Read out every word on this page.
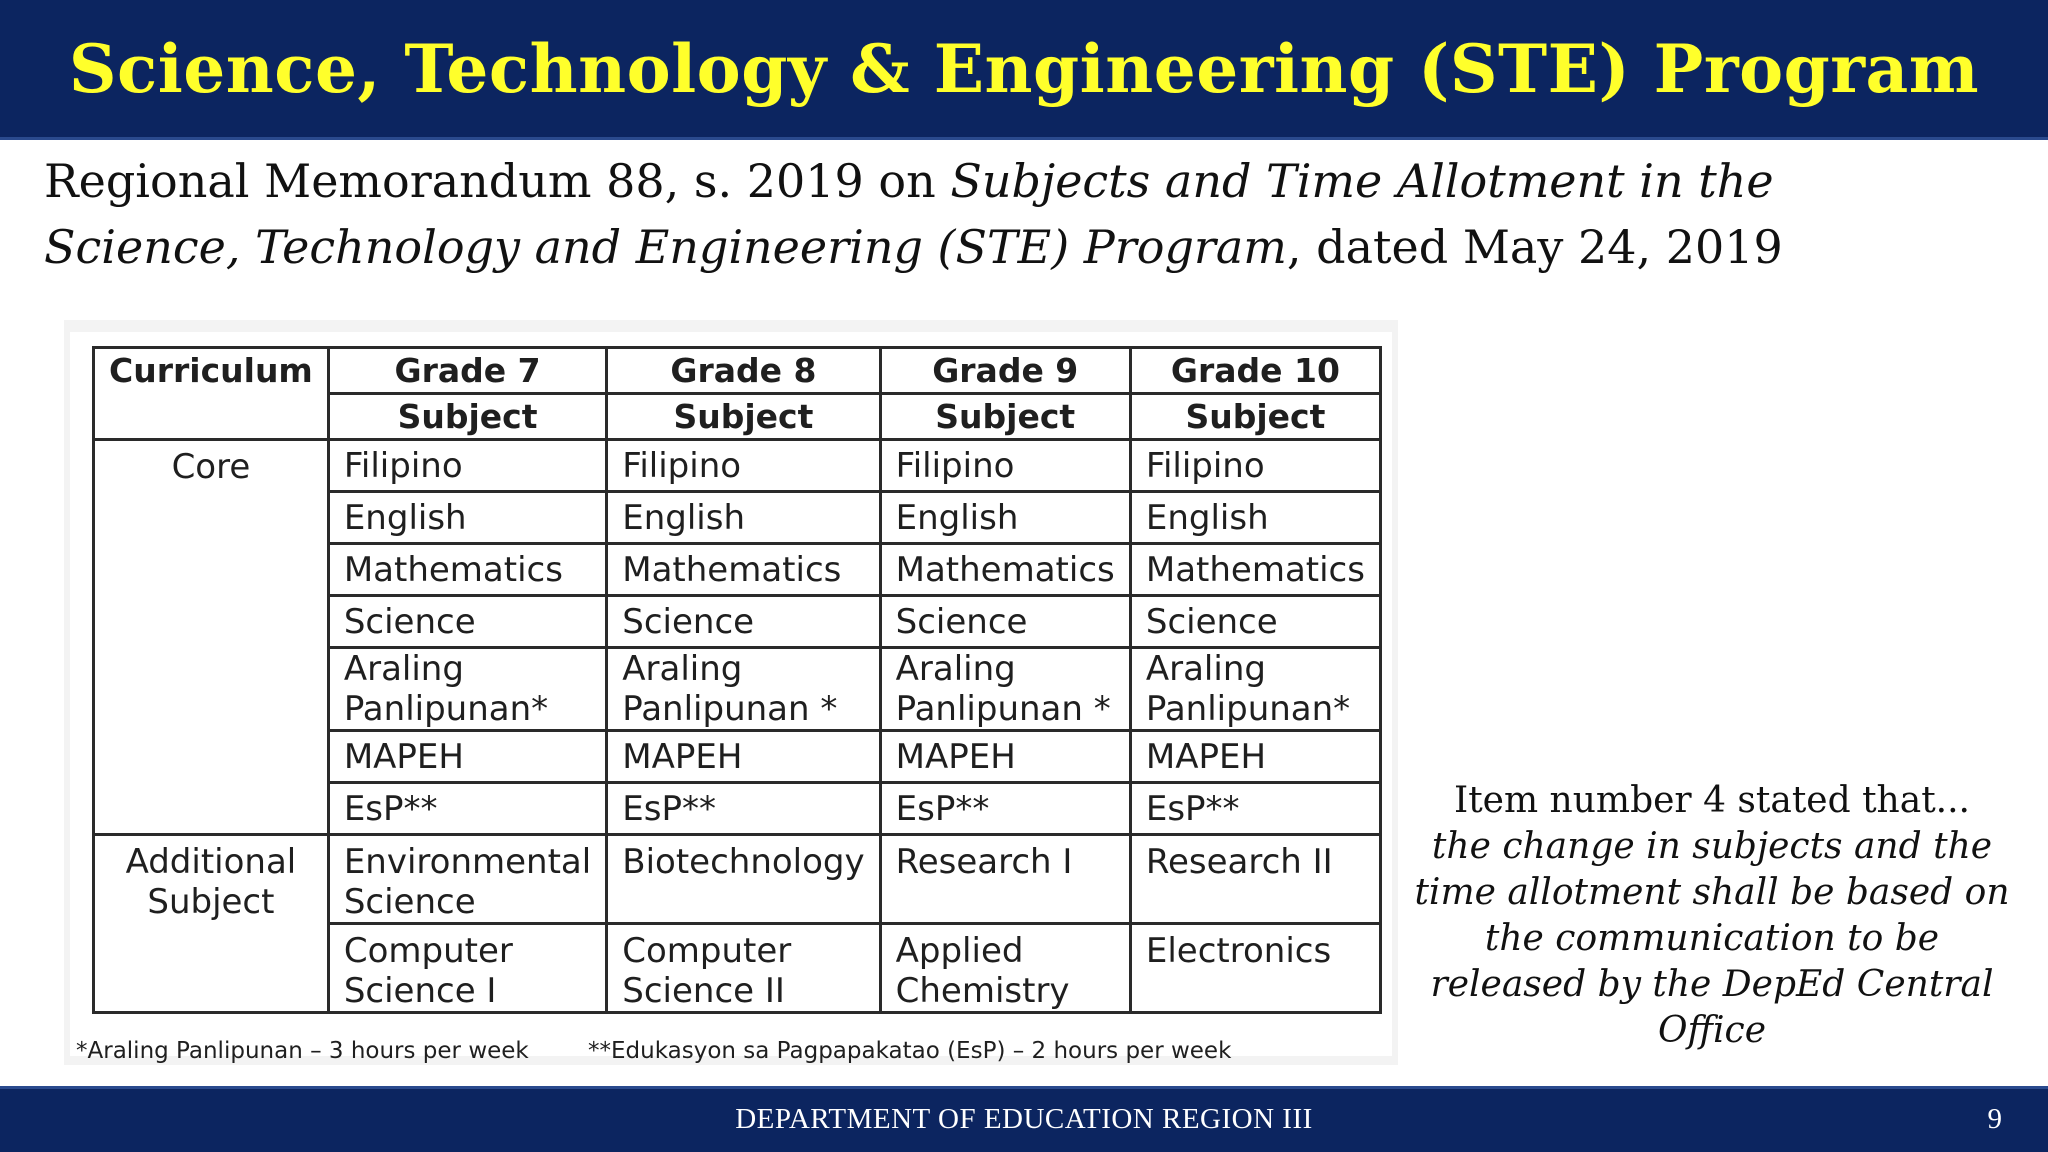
Science, Technology & Engineering (STE) Program
Regional Memorandum 88, s. 2019 on Subjects and Time Allotment in the
Science, Technology and Engineering (STE) Program, dated May 24, 2019
Curriculum	Grade 7	Grade 8	Grade 9	Grade 10
	Subject	Subject	Subject	Subject
Core	Filipino	Filipino	Filipino	Filipino
	English	English	English	English
	Mathematics	Mathematics	Mathematics	Mathematics
	Science	Science	Science	Science
	Araling Panlipunan*	Araling Panlipunan *	Araling Panlipunan *	Araling Panlipunan*
	MAPEH	MAPEH	MAPEH	MAPEH
	EsP**	EsP**	EsP**	EsP**
Additional Subject	Environmental Science	Biotechnology	Research I	Research II
	Computer Science I	Computer Science II	Applied Chemistry	Electronics
*Araling Panlipunan – 3 hours per week	**Edukasyon sa Pagpapakatao (EsP) – 2 hours per week
Item number 4 stated that...
the change in subjects and the time allotment shall be based on the communication to be released by the DepEd Central Office
DEPARTMENT OF EDUCATION REGION III	9
